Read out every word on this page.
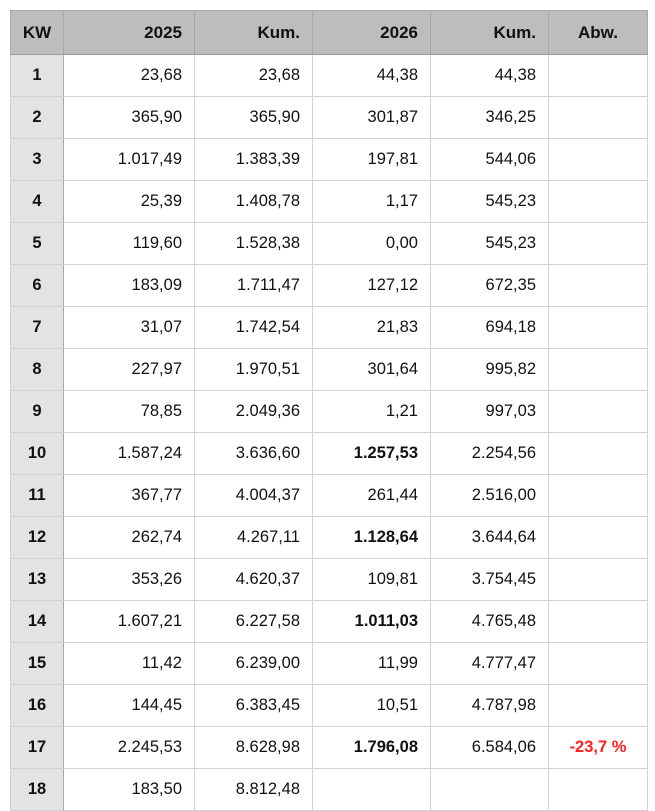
KW	2025	Kum.	2026	Kum.	Abw.
1	23,68	23,68	44,38	44,38	
2	365,90	365,90	301,87	346,25	
3	1.017,49	1.383,39	197,81	544,06	
4	25,39	1.408,78	1,17	545,23	
5	119,60	1.528,38	0,00	545,23	
6	183,09	1.711,47	127,12	672,35	
7	31,07	1.742,54	21,83	694,18	
8	227,97	1.970,51	301,64	995,82	
9	78,85	2.049,36	1,21	997,03	
10	1.587,24	3.636,60	1.257,53	2.254,56	
11	367,77	4.004,37	261,44	2.516,00	
12	262,74	4.267,11	1.128,64	3.644,64	
13	353,26	4.620,37	109,81	3.754,45	
14	1.607,21	6.227,58	1.011,03	4.765,48	
15	11,42	6.239,00	11,99	4.777,47	
16	144,45	6.383,45	10,51	4.787,98	
17	2.245,53	8.628,98	1.796,08	6.584,06	-23,7 %
18	183,50	8.812,48			
